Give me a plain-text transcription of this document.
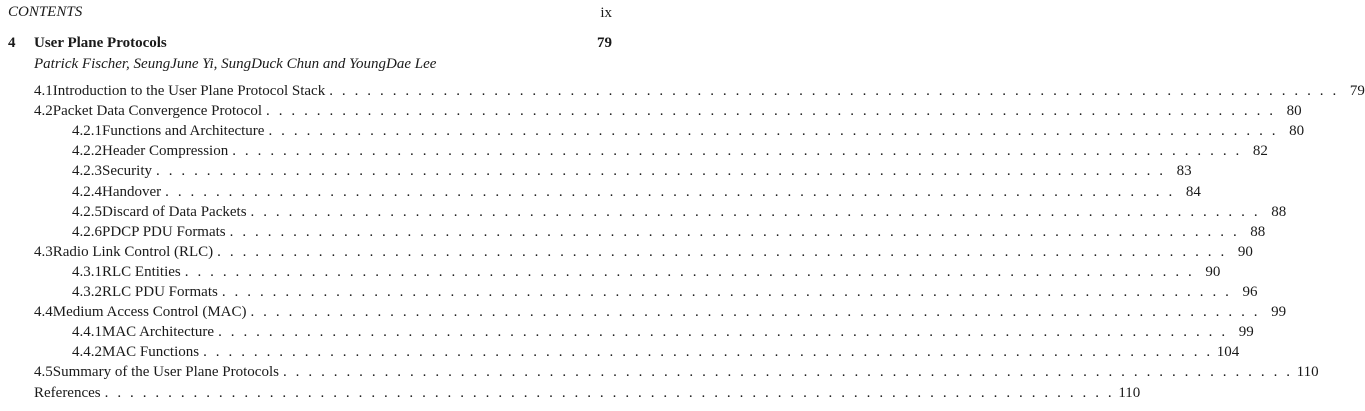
CONTENTS	ix
4	User Plane Protocols	79
Patrick Fischer, SeungJune Yi, SungDuck Chun and YoungDae Lee
4.1 Introduction to the User Plane Protocol Stack . . . . . . . . . . . . . . . . . . . . . . . . . . . . . . . . . . . . . . . . . . . . . . . . . . . . . . . . . . . . . . . . . . . . . . . . . . . . . . . . 79
4.2 Packet Data Convergence Protocol . . . . . . . . . . . . . . . . . . . . . . . . . . . . . . . . . . . . . . . . . . . . . . . . . . . . . . . . . . . . . . . . . . . . . . . . . . . . . . . . 80
4.2.1 Functions and Architecture . . . . . . . . . . . . . . . . . . . . . . . . . . . . . . . . . . . . . . . . . . . . . . . . . . . . . . . . . . . . . . . . . . . . . . . . . . . . . . . . 80
4.2.2 Header Compression . . . . . . . . . . . . . . . . . . . . . . . . . . . . . . . . . . . . . . . . . . . . . . . . . . . . . . . . . . . . . . . . . . . . . . . . . . . . . . . . 82
4.2.3 Security . . . . . . . . . . . . . . . . . . . . . . . . . . . . . . . . . . . . . . . . . . . . . . . . . . . . . . . . . . . . . . . . . . . . . . . . . . . . . . . . 83
4.2.4 Handover . . . . . . . . . . . . . . . . . . . . . . . . . . . . . . . . . . . . . . . . . . . . . . . . . . . . . . . . . . . . . . . . . . . . . . . . . . . . . . . . 84
4.2.5 Discard of Data Packets . . . . . . . . . . . . . . . . . . . . . . . . . . . . . . . . . . . . . . . . . . . . . . . . . . . . . . . . . . . . . . . . . . . . . . . . . . . . . . . . 88
4.2.6 PDCP PDU Formats . . . . . . . . . . . . . . . . . . . . . . . . . . . . . . . . . . . . . . . . . . . . . . . . . . . . . . . . . . . . . . . . . . . . . . . . . . . . . . . . 88
4.3 Radio Link Control (RLC) . . . . . . . . . . . . . . . . . . . . . . . . . . . . . . . . . . . . . . . . . . . . . . . . . . . . . . . . . . . . . . . . . . . . . . . . . . . . . . . . 90
4.3.1 RLC Entities . . . . . . . . . . . . . . . . . . . . . . . . . . . . . . . . . . . . . . . . . . . . . . . . . . . . . . . . . . . . . . . . . . . . . . . . . . . . . . . . 90
4.3.2 RLC PDU Formats . . . . . . . . . . . . . . . . . . . . . . . . . . . . . . . . . . . . . . . . . . . . . . . . . . . . . . . . . . . . . . . . . . . . . . . . . . . . . . . . 96
4.4 Medium Access Control (MAC) . . . . . . . . . . . . . . . . . . . . . . . . . . . . . . . . . . . . . . . . . . . . . . . . . . . . . . . . . . . . . . . . . . . . . . . . . . . . . . . . 99
4.4.1 MAC Architecture . . . . . . . . . . . . . . . . . . . . . . . . . . . . . . . . . . . . . . . . . . . . . . . . . . . . . . . . . . . . . . . . . . . . . . . . . . . . . . . . 99
4.4.2 MAC Functions . . . . . . . . . . . . . . . . . . . . . . . . . . . . . . . . . . . . . . . . . . . . . . . . . . . . . . . . . . . . . . . . . . . . . . . . . . . . . . . . 104
4.5 Summary of the User Plane Protocols . . . . . . . . . . . . . . . . . . . . . . . . . . . . . . . . . . . . . . . . . . . . . . . . . . . . . . . . . . . . . . . . . . . . . . . . . . . . . . . . 110
References . . . . . . . . . . . . . . . . . . . . . . . . . . . . . . . . . . . . . . . . . . . . . . . . . . . . . . . . . . . . . . . . . . . . . . . . . . . . . . . . 110
